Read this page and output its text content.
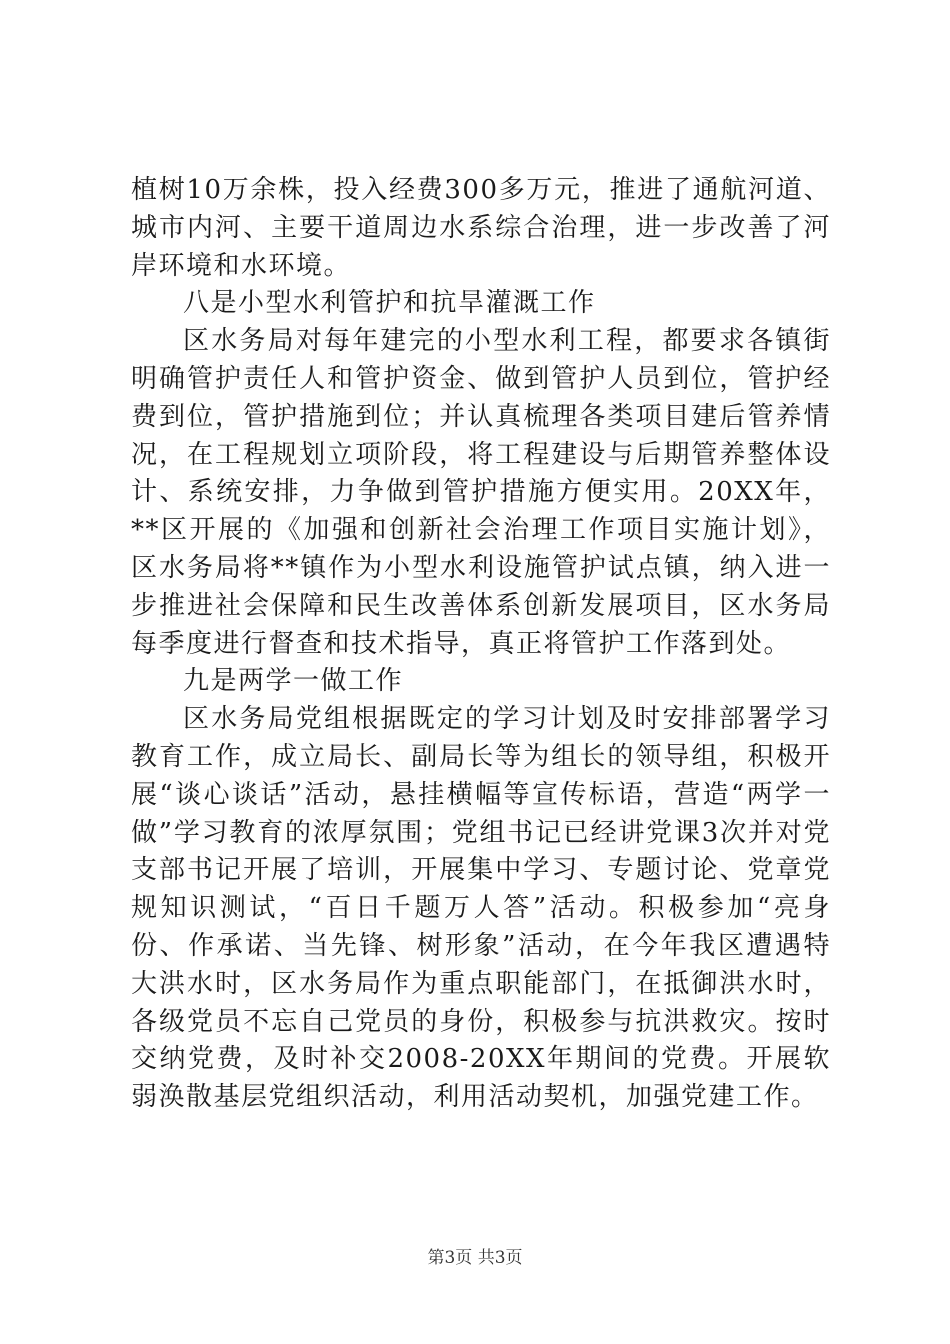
植树10万余株，投入经费300多万元，推进了通航河道、城市内河、主要干道周边水系综合治理，进一步改善了河岸环境和水环境。

八是小型水利管护和抗旱灌溉工作

区水务局对每年建完的小型水利工程，都要求各镇街明确管护责任人和管护资金、做到管护人员到位，管护经费到位，管护措施到位；并认真梳理各类项目建后管养情况，在工程规划立项阶段，将工程建设与后期管养整体设计、系统安排，力争做到管护措施方便实用。20XX年，**区开展的《加强和创新社会治理工作项目实施计划》，区水务局将**镇作为小型水利设施管护试点镇，纳入进一步推进社会保障和民生改善体系创新发展项目，区水务局每季度进行督查和技术指导，真正将管护工作落到处。

九是两学一做工作

区水务局党组根据既定的学习计划及时安排部署学习教育工作，成立局长、副局长等为组长的领导组，积极开展“谈心谈话”活动，悬挂横幅等宣传标语，营造“两学一做”学习教育的浓厚氛围；党组书记已经讲党课3次并对党支部书记开展了培训，开展集中学习、专题讨论、党章党规知识测试，“百日千题万人答”活动。积极参加“亮身份、作承诺、当先锋、树形象”活动，在今年我区遭遇特大洪水时，区水务局作为重点职能部门，在抵御洪水时，各级党员不忘自己党员的身份，积极参与抗洪救灾。按时交纳党费，及时补交2008-20XX年期间的党费。开展软弱涣散基层党组织活动，利用活动契机，加强党建工作。

第3页 共3页
